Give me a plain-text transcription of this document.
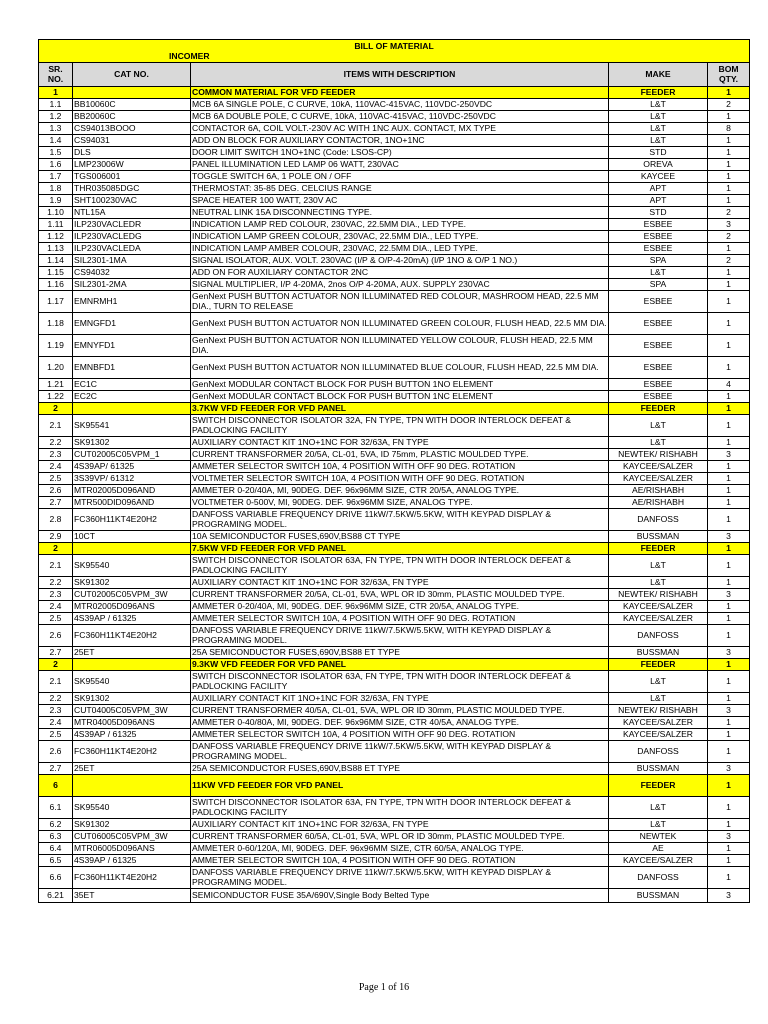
BILL OF MATERIAL
INCOMER				

SR. NO.	CAT NO.	ITEMS WITH DESCRIPTION	MAKE	BOM QTY.
1		COMMON MATERIAL FOR VFD FEEDER	FEEDER	1
1.1	BB10060C	MCB 6A SINGLE POLE, C CURVE, 10kA, 110VAC-415VAC, 110VDC-250VDC	L&T	2
1.2	BB20060C	MCB 6A DOUBLE POLE, C CURVE, 10kA, 110VAC-415VAC, 110VDC-250VDC	L&T	1
1.3	CS94013BOOO	CONTACTOR 6A, COIL VOLT.-230V AC WITH 1NC AUX. CONTACT, MX TYPE	L&T	8
1.4	CS94031	ADD ON BLOCK FOR AUXILIARY CONTACTOR, 1NO+1NC	L&T	1
1.5	DLS	DOOR LIMIT SWITCH 1NO+1NC (Code: LSOS-CP)	STD	1
1.6	LMP23006W	PANEL ILLUMINATION LED LAMP 06 WATT, 230VAC	OREVA	1
1.7	TGS006001	TOGGLE SWITCH 6A, 1 POLE ON / OFF	KAYCEE	1
1.8	THR035085DGC	THERMOSTAT: 35-85 DEG. CELCIUS RANGE	APT	1
1.9	SHT100230VAC	SPACE HEATER 100 WATT, 230V AC	APT	1
1.10	NTL15A	NEUTRAL LINK 15A DISCONNECTING TYPE.	STD	2
1.11	ILP230VACLEDR	INDICATION LAMP RED COLOUR, 230VAC, 22.5MM DIA., LED TYPE.	ESBEE	3
1.12	ILP230VACLEDG	INDICATION LAMP GREEN COLOUR, 230VAC, 22.5MM DIA., LED TYPE.	ESBEE	2
1.13	ILP230VACLEDA	INDICATION LAMP AMBER COLOUR, 230VAC, 22.5MM DIA., LED TYPE.	ESBEE	1
1.14	SIL2301-1MA	SIGNAL ISOLATOR, AUX. VOLT. 230VAC (I/P & O/P-4-20mA) (I/P 1NO & O/P 1 NO.)	SPA	2
1.15	CS94032	ADD ON FOR AUXILIARY CONTACTOR 2NC	L&T	1
1.16	SIL2301-2MA	SIGNAL MULTIPLIER, I/P 4-20MA, 2nos O/P 4-20MA, AUX. SUPPLY 230VAC	SPA	1
1.17	EMNRMH1	GenNext PUSH BUTTON ACTUATOR NON ILLUMINATED RED COLOUR, MASHROOM HEAD, 22.5 MM DIA., TURN TO RELEASE	ESBEE	1
1.18	EMNGFD1	GenNext PUSH BUTTON ACTUATOR NON ILLUMINATED GREEN COLOUR, FLUSH HEAD, 22.5 MM DIA.	ESBEE	1
1.19	EMNYFD1	GenNext PUSH BUTTON ACTUATOR NON ILLUMINATED YELLOW COLOUR, FLUSH HEAD, 22.5 MM DIA.	ESBEE	1
1.20	EMNBFD1	GenNext PUSH BUTTON ACTUATOR NON ILLUMINATED BLUE COLOUR, FLUSH HEAD, 22.5 MM DIA.	ESBEE	1
1.21	EC1C	GenNext MODULAR CONTACT BLOCK FOR PUSH BUTTON 1NO ELEMENT	ESBEE	4
1.22	EC2C	GenNext MODULAR CONTACT BLOCK FOR PUSH BUTTON 1NC ELEMENT	ESBEE	1
2		3.7KW VFD FEEDER FOR VFD PANEL	FEEDER	1
2.1	SK95541	SWITCH DISCONNECTOR ISOLATOR 32A, FN TYPE, TPN WITH DOOR INTERLOCK DEFEAT & PADLOCKING FACILITY	L&T	1
2.2	SK91302	AUXILIARY CONTACT KIT 1NO+1NC FOR 32/63A, FN TYPE	L&T	1
2.3	CUT02005C05VPM_1	CURRENT TRANSFORMER 20/5A, CL-01, 5VA, ID 75mm, PLASTIC MOULDED TYPE.	NEWTEK/ RISHABH	3
2.4	4S39AP/ 61325	AMMETER SELECTOR SWITCH 10A, 4 POSITION WITH OFF 90 DEG. ROTATION	KAYCEE/SALZER	1
2.5	3S39VP/ 61312	VOLTMETER SELECTOR SWITCH 10A, 4 POSITION WITH OFF 90 DEG. ROTATION	KAYCEE/SALZER	1
2.6	MTR02005D096AND	AMMETER 0-20/40A, MI, 90DEG. DEF. 96x96MM SIZE, CTR 20/5A, ANALOG TYPE.	AE/RISHABH	1
2.7	MTR500DID096AND	VOLTMETER 0-500V, MI, 90DEG. DEF. 96x96MM SIZE, ANALOG TYPE.	AE/RISHABH	1
2.8	FC360H11KT4E20H2	DANFOSS VARIABLE FREQUENCY DRIVE 11kW/7.5KW/5.5KW, WITH KEYPAD DISPLAY & PROGRAMING MODEL.	DANFOSS	1
2.9	10CT	10A SEMICONDUCTOR FUSES,690V,BS88 CT TYPE	BUSSMAN	3
2		7.5KW VFD FEEDER FOR VFD PANEL	FEEDER	1
2.1	SK95540	SWITCH DISCONNECTOR ISOLATOR 63A, FN TYPE, TPN WITH DOOR INTERLOCK DEFEAT & PADLOCKING FACILITY	L&T	1
2.2	SK91302	AUXILIARY CONTACT KIT 1NO+1NC FOR 32/63A, FN TYPE	L&T	1
2.3	CUT02005C05VPM_3W	CURRENT TRANSFORMER 20/5A, CL-01, 5VA, WPL OR ID 30mm, PLASTIC MOULDED TYPE.	NEWTEK/ RISHABH	3
2.4	MTR02005D096ANS	AMMETER 0-20/40A, MI, 90DEG. DEF. 96x96MM SIZE, CTR 20/5A, ANALOG TYPE.	KAYCEE/SALZER	1
2.5	4S39AP / 61325	AMMETER SELECTOR SWITCH 10A, 4 POSITION WITH OFF 90 DEG. ROTATION	KAYCEE/SALZER	1
2.6	FC360H11KT4E20H2	DANFOSS VARIABLE FREQUENCY DRIVE 11kW/7.5KW/5.5KW, WITH KEYPAD DISPLAY & PROGRAMING MODEL.	DANFOSS	1
2.7	25ET	25A SEMICONDUCTOR FUSES,690V,BS88 ET TYPE	BUSSMAN	3
2		9.3KW VFD FEEDER FOR VFD PANEL	FEEDER	1
2.1	SK95540	SWITCH DISCONNECTOR ISOLATOR 63A, FN TYPE, TPN WITH DOOR INTERLOCK DEFEAT & PADLOCKING FACILITY	L&T	1
2.2	SK91302	AUXILIARY CONTACT KIT 1NO+1NC FOR 32/63A, FN TYPE	L&T	1
2.3	CUT04005C05VPM_3W	CURRENT TRANSFORMER 40/5A, CL-01, 5VA, WPL OR ID 30mm, PLASTIC MOULDED TYPE.	NEWTEK/ RISHABH	3
2.4	MTR04005D096ANS	AMMETER 0-40/80A, MI, 90DEG. DEF. 96x96MM SIZE, CTR 40/5A, ANALOG TYPE.	KAYCEE/SALZER	1
2.5	4S39AP / 61325	AMMETER SELECTOR SWITCH 10A, 4 POSITION WITH OFF 90 DEG. ROTATION	KAYCEE/SALZER	1
2.6	FC360H11KT4E20H2	DANFOSS VARIABLE FREQUENCY DRIVE 11kW/7.5KW/5.5KW, WITH KEYPAD DISPLAY & PROGRAMING MODEL.	DANFOSS	1
2.7	25ET	25A SEMICONDUCTOR FUSES,690V,BS88 ET TYPE	BUSSMAN	3
6		11KW VFD FEEDER FOR VFD PANEL	FEEDER	1
6.1	SK95540	SWITCH DISCONNECTOR ISOLATOR 63A, FN TYPE, TPN WITH DOOR INTERLOCK DEFEAT & PADLOCKING FACILITY	L&T	1
6.2	SK91302	AUXILIARY CONTACT KIT 1NO+1NC FOR 32/63A, FN TYPE	L&T	1
6.3	CUT06005C05VPM_3W	CURRENT TRANSFORMER 60/5A, CL-01, 5VA, WPL OR ID 30mm, PLASTIC MOULDED TYPE.	NEWTEK	3
6.4	MTR06005D096ANS	AMMETER 0-60/120A, MI, 90DEG. DEF. 96x96MM SIZE, CTR 60/5A, ANALOG TYPE.	AE	1
6.5	4S39AP / 61325	AMMETER SELECTOR SWITCH 10A, 4 POSITION WITH OFF 90 DEG. ROTATION	KAYCEE/SALZER	1
6.6	FC360H11KT4E20H2	DANFOSS VARIABLE FREQUENCY DRIVE 11kW/7.5KW/5.5KW, WITH KEYPAD DISPLAY & PROGRAMING MODEL.	DANFOSS	1
6.21	35ET	SEMICONDUCTOR FUSE 35A/690V,Single Body Belted Type	BUSSMAN	3
Page 1 of 16
